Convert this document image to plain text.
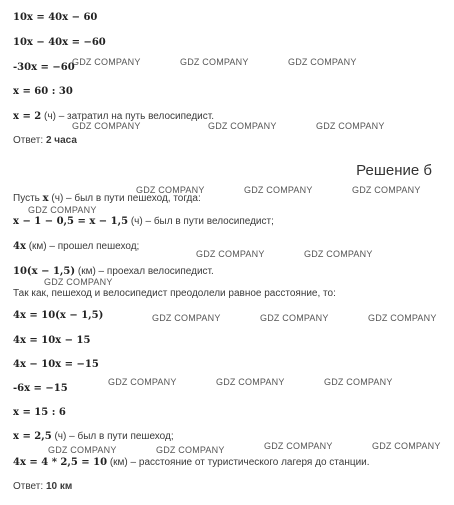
10x = 40x − 60
10x − 40x = −60
-30x = −60
x = 60 : 30
x = 2 (ч) – затратил на путь велосипедист.
Ответ: 2 часа
Решение б
Пусть x (ч) – был в пути пешеход, тогда:
x − 1 − 0,5 = x − 1,5 (ч) – был в пути велосипедист;
4x (км) – прошел пешеход;
10(x − 1,5) (км) – проехал велосипедист.
Так как, пешеход и велосипедист преодолели равное расстояние, то:
4x = 10(x − 1,5)
4x = 10x − 15
4x − 10x = −15
-6x = −15
x = 15 : 6
x = 2,5 (ч) – был в пути пешеход;
4x = 4 * 2,5 = 10 (км) – расстояние от туристического лагеря до станции.
Ответ: 10 км
GDZ COMPANY	GDZ COMPANY	GDZ COMPANY
GDZ COMPANY	GDZ COMPANY	GDZ COMPANY
GDZ COMPANY	GDZ COMPANY	GDZ COMPANY
GDZ COMPANY
GDZ COMPANY	GDZ COMPANY
GDZ COMPANY
GDZ COMPANY	GDZ COMPANY	GDZ COMPANY
GDZ COMPANY	GDZ COMPANY	GDZ COMPANY
GDZ COMPANY	GDZ COMPANY	GDZ COMPANY	GDZ COMPANY
